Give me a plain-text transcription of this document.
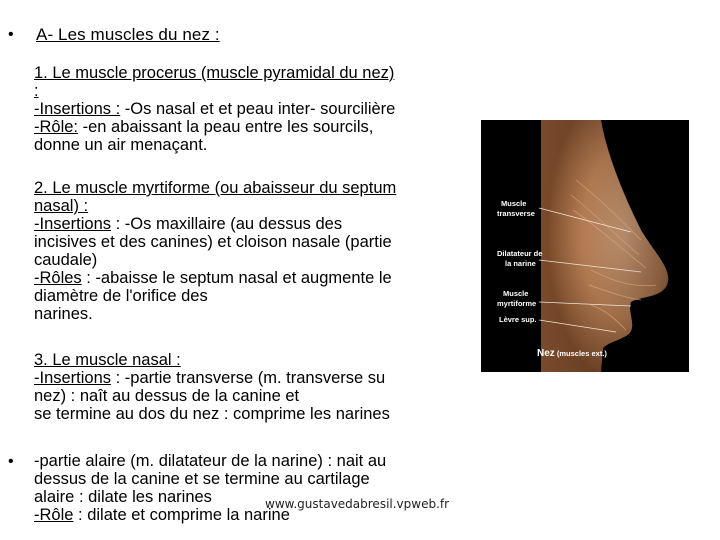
• A- Les muscles du nez :
1. Le muscle procerus (muscle pyramidal du nez)
:
-Insertions : -Os nasal et et peau inter- sourcilière
-Rôle: -en abaissant la peau entre les sourcils,
donne un air menaçant.
2. Le muscle myrtiforme (ou abaisseur du septum
nasal) :
-Insertions : -Os maxillaire (au dessus des
incisives et des canines) et cloison nasale (partie
caudale)
-Rôles : -abaisse le septum nasal et augmente le
diamètre de l'orifice des
narines.
3. Le muscle nasal :
-Insertions : -partie transverse (m. transverse su
nez) : naît au dessus de la canine et
se termine au dos du nez : comprime les narines
• -partie alaire (m. dilatateur de la narine) : nait au
dessus de la canine et se termine au cartilage
alaire : dilate les narines
-Rôle : dilate et comprime la narine
www.gustavedabresil.vpweb.fr
Muscle
transverse
Dilatateur de
la narine
Muscle
myrtiforme
Lèvre sup.
Nez (muscles ext.)
